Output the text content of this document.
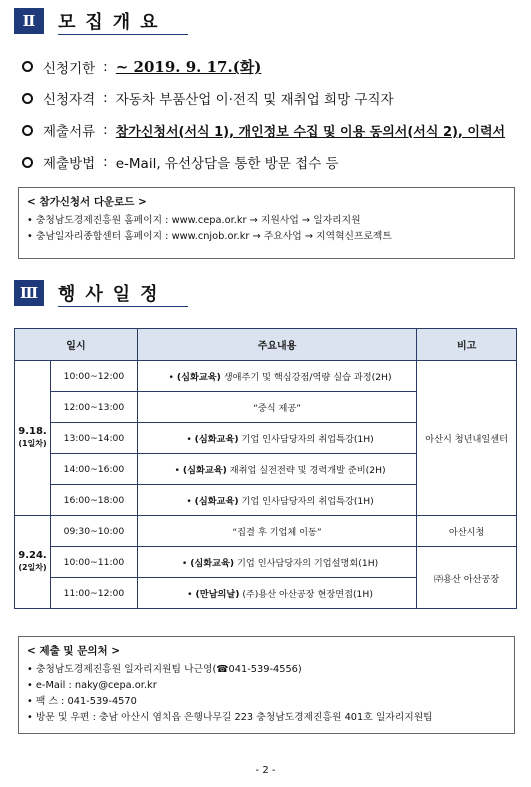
Ⅱ	모집개요
신청기한 : ~ 2019. 9. 17.(화)
신청자격 : 자동차 부품산업 이·전직 및 재취업 희망 구직자
제출서류 : 참가신청서(서식 1), 개인정보 수집 및 이용 동의서(서식 2), 이력서
제출방법 : e-Mail, 유선상담을 통한 방문 접수 등
< 참가신청서 다운로드 >
• 충청남도경제진흥원 홈페이지 : www.cepa.or.kr → 지원사업 → 일자리지원
• 충남일자리종합센터 홈페이지 : www.cnjob.or.kr → 주요사업 → 지역혁신프로젝트
Ⅲ	행사일정
일시		주요내용	비고

9.18.
(1일차)	10:00~12:00	• (심화교육) 생애주기 및 핵심강점/역량 실습 과정(2H)	아산시 청년내일센터
	12:00~13:00	“중식 제공”	
	13:00~14:00	• (심화교육) 기업 인사담당자의 취업특강(1H)	
	14:00~16:00	• (심화교육) 재취업 실전전략 및 경력개발 준비(2H)	
	16:00~18:00	• (심화교육) 기업 인사담당자의 취업특강(1H)	

9.24.
(2일차)	09:30~10:00	“집결 후 기업체 이동”	아산시청
	10:00~11:00	• (심화교육) 기업 인사담당자의 기업설명회(1H)	㈜용산 아산공장
	11:00~12:00	• (만남의날) (주)용산 아산공장 현장면접(1H)	
< 제출 및 문의처 >
• 충청남도경제진흥원 일자리지원팀 나근영(☎041-539-4556)
• e-Mail : naky@cepa.or.kr
• 팩 스 : 041-539-4570
• 방문 및 우편 : 충남 아산시 염치읍 은행나무길 223 충청남도경제진흥원 401호 일자리지원팀
- 2 -
